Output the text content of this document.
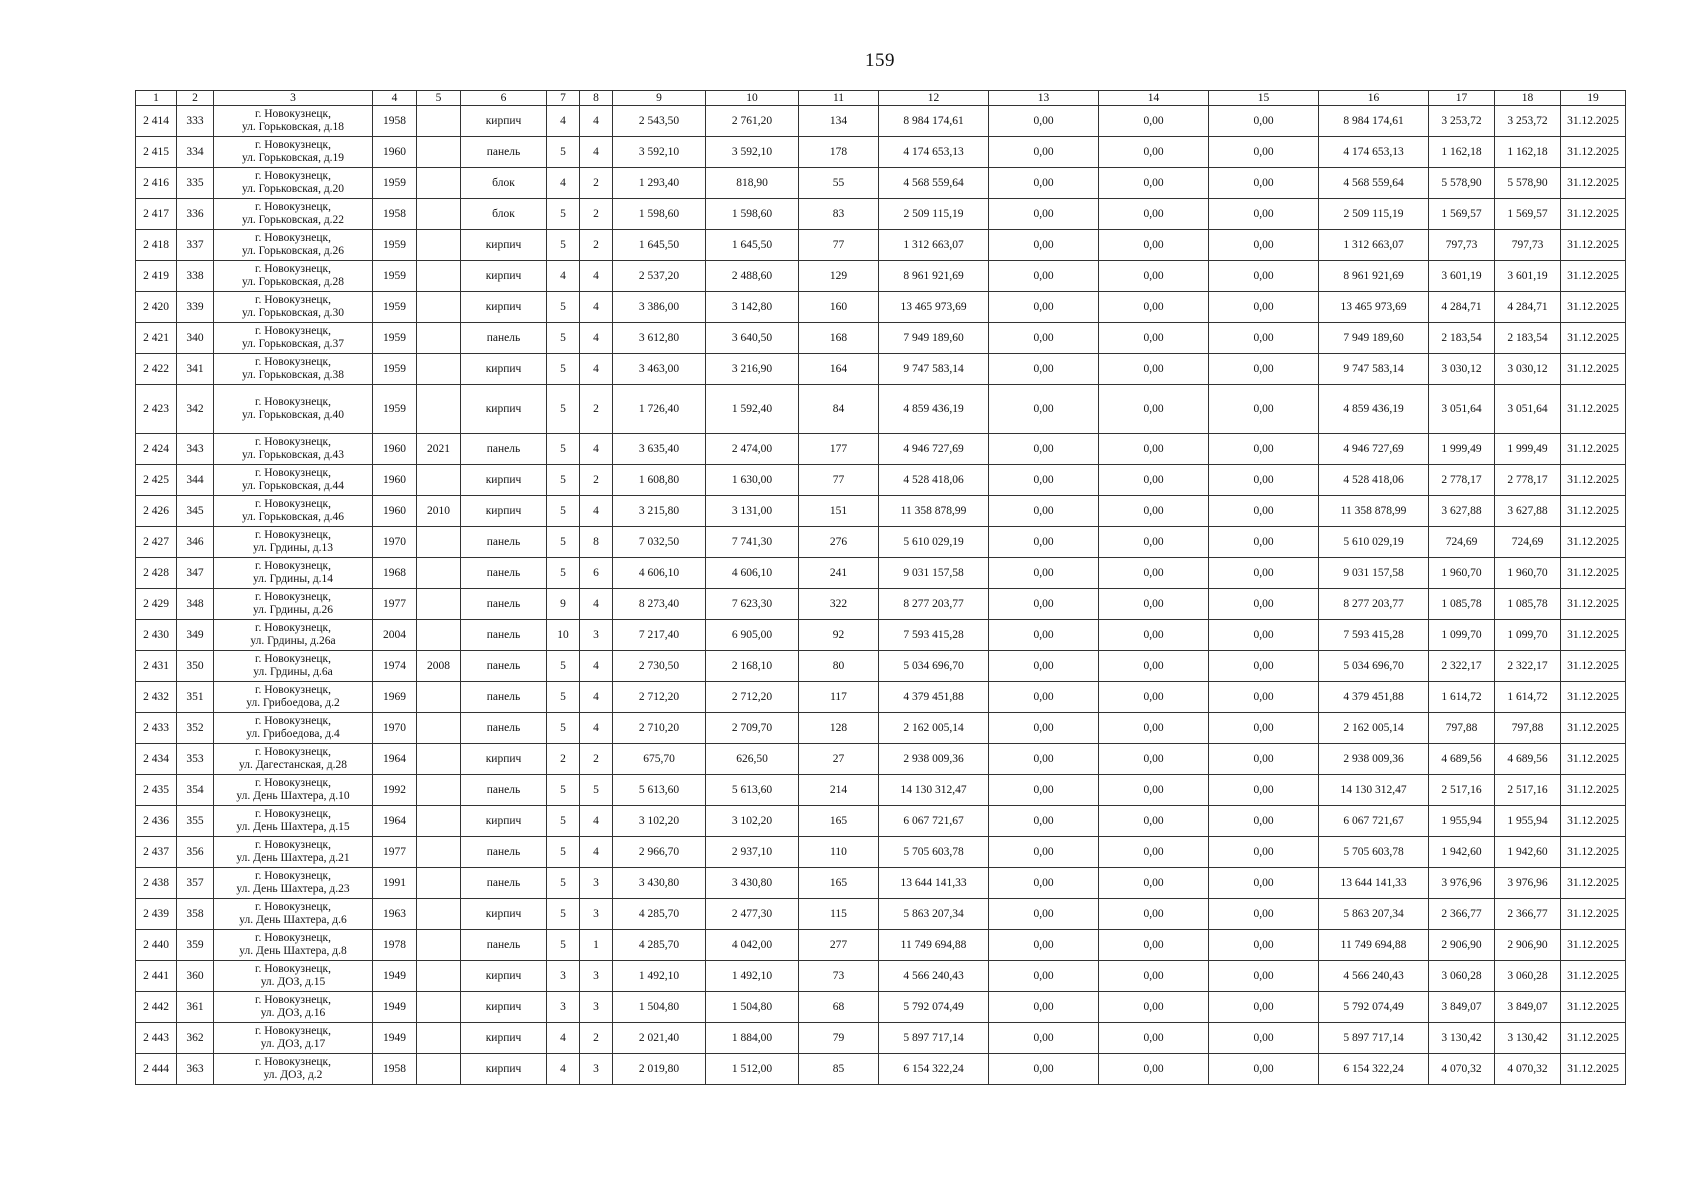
159
1	2	3	4	5	6	7	8	9	10	11	12	13	14	15	16	17	18	19
2 414	333	г. Новокузнецк,
ул. Горьковская, д.18	1958		кирпич	4	4	2 543,50	2 761,20	134	8 984 174,61	0,00	0,00	0,00	8 984 174,61	3 253,72	3 253,72	31.12.2025
2 415	334	г. Новокузнецк,
ул. Горьковская, д.19	1960		панель	5	4	3 592,10	3 592,10	178	4 174 653,13	0,00	0,00	0,00	4 174 653,13	1 162,18	1 162,18	31.12.2025
2 416	335	г. Новокузнецк,
ул. Горьковская, д.20	1959		блок	4	2	1 293,40	818,90	55	4 568 559,64	0,00	0,00	0,00	4 568 559,64	5 578,90	5 578,90	31.12.2025
2 417	336	г. Новокузнецк,
ул. Горьковская, д.22	1958		блок	5	2	1 598,60	1 598,60	83	2 509 115,19	0,00	0,00	0,00	2 509 115,19	1 569,57	1 569,57	31.12.2025
2 418	337	г. Новокузнецк,
ул. Горьковская, д.26	1959		кирпич	5	2	1 645,50	1 645,50	77	1 312 663,07	0,00	0,00	0,00	1 312 663,07	797,73	797,73	31.12.2025
2 419	338	г. Новокузнецк,
ул. Горьковская, д.28	1959		кирпич	4	4	2 537,20	2 488,60	129	8 961 921,69	0,00	0,00	0,00	8 961 921,69	3 601,19	3 601,19	31.12.2025
2 420	339	г. Новокузнецк,
ул. Горьковская, д.30	1959		кирпич	5	4	3 386,00	3 142,80	160	13 465 973,69	0,00	0,00	0,00	13 465 973,69	4 284,71	4 284,71	31.12.2025
2 421	340	г. Новокузнецк,
ул. Горьковская, д.37	1959		панель	5	4	3 612,80	3 640,50	168	7 949 189,60	0,00	0,00	0,00	7 949 189,60	2 183,54	2 183,54	31.12.2025
2 422	341	г. Новокузнецк,
ул. Горьковская, д.38	1959		кирпич	5	4	3 463,00	3 216,90	164	9 747 583,14	0,00	0,00	0,00	9 747 583,14	3 030,12	3 030,12	31.12.2025
2 423	342	г. Новокузнецк,
ул. Горьковская, д.40	1959		кирпич	5	2	1 726,40	1 592,40	84	4 859 436,19	0,00	0,00	0,00	4 859 436,19	3 051,64	3 051,64	31.12.2025
2 424	343	г. Новокузнецк,
ул. Горьковская, д.43	1960	2021	панель	5	4	3 635,40	2 474,00	177	4 946 727,69	0,00	0,00	0,00	4 946 727,69	1 999,49	1 999,49	31.12.2025
2 425	344	г. Новокузнецк,
ул. Горьковская, д.44	1960		кирпич	5	2	1 608,80	1 630,00	77	4 528 418,06	0,00	0,00	0,00	4 528 418,06	2 778,17	2 778,17	31.12.2025
2 426	345	г. Новокузнецк,
ул. Горьковская, д.46	1960	2010	кирпич	5	4	3 215,80	3 131,00	151	11 358 878,99	0,00	0,00	0,00	11 358 878,99	3 627,88	3 627,88	31.12.2025
2 427	346	г. Новокузнецк,
ул. Грдины, д.13	1970		панель	5	8	7 032,50	7 741,30	276	5 610 029,19	0,00	0,00	0,00	5 610 029,19	724,69	724,69	31.12.2025
2 428	347	г. Новокузнецк,
ул. Грдины, д.14	1968		панель	5	6	4 606,10	4 606,10	241	9 031 157,58	0,00	0,00	0,00	9 031 157,58	1 960,70	1 960,70	31.12.2025
2 429	348	г. Новокузнецк,
ул. Грдины, д.26	1977		панель	9	4	8 273,40	7 623,30	322	8 277 203,77	0,00	0,00	0,00	8 277 203,77	1 085,78	1 085,78	31.12.2025
2 430	349	г. Новокузнецк,
ул. Грдины, д.26а	2004		панель	10	3	7 217,40	6 905,00	92	7 593 415,28	0,00	0,00	0,00	7 593 415,28	1 099,70	1 099,70	31.12.2025
2 431	350	г. Новокузнецк,
ул. Грдины, д.6а	1974	2008	панель	5	4	2 730,50	2 168,10	80	5 034 696,70	0,00	0,00	0,00	5 034 696,70	2 322,17	2 322,17	31.12.2025
2 432	351	г. Новокузнецк,
ул. Грибоедова, д.2	1969		панель	5	4	2 712,20	2 712,20	117	4 379 451,88	0,00	0,00	0,00	4 379 451,88	1 614,72	1 614,72	31.12.2025
2 433	352	г. Новокузнецк,
ул. Грибоедова, д.4	1970		панель	5	4	2 710,20	2 709,70	128	2 162 005,14	0,00	0,00	0,00	2 162 005,14	797,88	797,88	31.12.2025
2 434	353	г. Новокузнецк,
ул. Дагестанская, д.28	1964		кирпич	2	2	675,70	626,50	27	2 938 009,36	0,00	0,00	0,00	2 938 009,36	4 689,56	4 689,56	31.12.2025
2 435	354	г. Новокузнецк,
ул. День Шахтера, д.10	1992		панель	5	5	5 613,60	5 613,60	214	14 130 312,47	0,00	0,00	0,00	14 130 312,47	2 517,16	2 517,16	31.12.2025
2 436	355	г. Новокузнецк,
ул. День Шахтера, д.15	1964		кирпич	5	4	3 102,20	3 102,20	165	6 067 721,67	0,00	0,00	0,00	6 067 721,67	1 955,94	1 955,94	31.12.2025
2 437	356	г. Новокузнецк,
ул. День Шахтера, д.21	1977		панель	5	4	2 966,70	2 937,10	110	5 705 603,78	0,00	0,00	0,00	5 705 603,78	1 942,60	1 942,60	31.12.2025
2 438	357	г. Новокузнецк,
ул. День Шахтера, д.23	1991		панель	5	3	3 430,80	3 430,80	165	13 644 141,33	0,00	0,00	0,00	13 644 141,33	3 976,96	3 976,96	31.12.2025
2 439	358	г. Новокузнецк,
ул. День Шахтера, д.6	1963		кирпич	5	3	4 285,70	2 477,30	115	5 863 207,34	0,00	0,00	0,00	5 863 207,34	2 366,77	2 366,77	31.12.2025
2 440	359	г. Новокузнецк,
ул. День Шахтера, д.8	1978		панель	5	1	4 285,70	4 042,00	277	11 749 694,88	0,00	0,00	0,00	11 749 694,88	2 906,90	2 906,90	31.12.2025
2 441	360	г. Новокузнецк,
ул. ДОЗ, д.15	1949		кирпич	3	3	1 492,10	1 492,10	73	4 566 240,43	0,00	0,00	0,00	4 566 240,43	3 060,28	3 060,28	31.12.2025
2 442	361	г. Новокузнецк,
ул. ДОЗ, д.16	1949		кирпич	3	3	1 504,80	1 504,80	68	5 792 074,49	0,00	0,00	0,00	5 792 074,49	3 849,07	3 849,07	31.12.2025
2 443	362	г. Новокузнецк,
ул. ДОЗ, д.17	1949		кирпич	4	2	2 021,40	1 884,00	79	5 897 717,14	0,00	0,00	0,00	5 897 717,14	3 130,42	3 130,42	31.12.2025
2 444	363	г. Новокузнецк,
ул. ДОЗ, д.2	1958		кирпич	4	3	2 019,80	1 512,00	85	6 154 322,24	0,00	0,00	0,00	6 154 322,24	4 070,32	4 070,32	31.12.2025
